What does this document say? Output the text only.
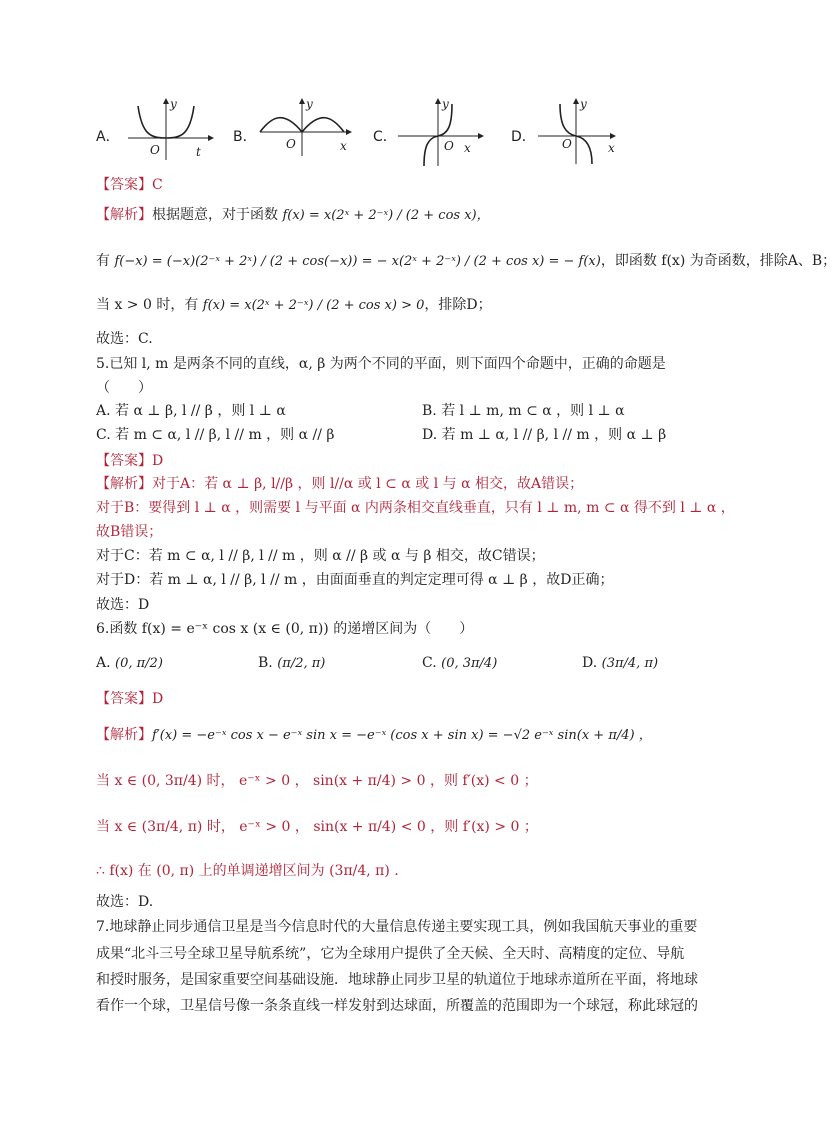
A．
O
y
t
B． O
y
x
C．
O
y
x
D． O
y
x
【答案】C
【解析】根据题意，对于函数 f(x) = x(2ˣ + 2⁻ˣ) / (2 + cos x)，
有 f(−x) = (−x)(2⁻ˣ + 2ˣ) / (2 + cos(−x)) = − x(2ˣ + 2⁻ˣ) / (2 + cos x) = − f(x)，即函数 f(x) 为奇函数，排除A、B；
当 x > 0 时，有 f(x) = x(2ˣ + 2⁻ˣ) / (2 + cos x) > 0，排除D；
故选：C.
5.已知 l, m 是两条不同的直线，α, β 为两个不同的平面，则下面四个命题中，正确的命题是
（　　）
A. 若 α ⊥ β, l // β ，则 l ⊥ α	B. 若 l ⊥ m, m ⊂ α ，则 l ⊥ α
C. 若 m ⊂ α, l // β, l // m ，则 α // β	D. 若 m ⊥ α, l // β, l // m ，则 α ⊥ β
【答案】D
【解析】对于A：若 α ⊥ β, l//β ，则 l//α 或 l ⊂ α 或 l 与 α 相交，故A错误；
对于B：要得到 l ⊥ α ，则需要 l 与平面 α 内两条相交直线垂直，只有 l ⊥ m, m ⊂ α 得不到 l ⊥ α ，
故B错误；
对于C：若 m ⊂ α, l // β, l // m ，则 α // β 或 α 与 β 相交，故C错误；
对于D：若 m ⊥ α, l // β, l // m ，由面面垂直的判定定理可得 α ⊥ β ，故D正确；
故选：D
6.函数 f(x) = e⁻ˣ cos x (x ∈ (0, π)) 的递增区间为（　　）
A. (0, π/2)	B. (π/2, π)	C. (0, 3π/4)	D. (3π/4, π)
【答案】D
【解析】f′(x) = −e⁻ˣ cos x − e⁻ˣ sin x = −e⁻ˣ (cos x + sin x) = −√2 e⁻ˣ sin(x + π/4) ，
当 x ∈ (0, 3π/4) 时， e⁻ˣ > 0 ， sin(x + π/4) > 0 ，则 f′(x) < 0 ；
当 x ∈ (3π/4, π) 时， e⁻ˣ > 0 ， sin(x + π/4) < 0 ，则 f′(x) > 0 ；
∴ f(x) 在 (0, π) 上的单调递增区间为 (3π/4, π) .
故选：D.
7.地球静止同步通信卫星是当今信息时代的大量信息传递主要实现工具，例如我国航天事业的重要
成果“北斗三号全球卫星导航系统”，它为全球用户提供了全天候、全天时、高精度的定位、导航
和授时服务，是国家重要空间基础设施．地球静止同步卫星的轨道位于地球赤道所在平面，将地球
看作一个球，卫星信号像一条条直线一样发射到达球面，所覆盖的范围即为一个球冠，称此球冠的
